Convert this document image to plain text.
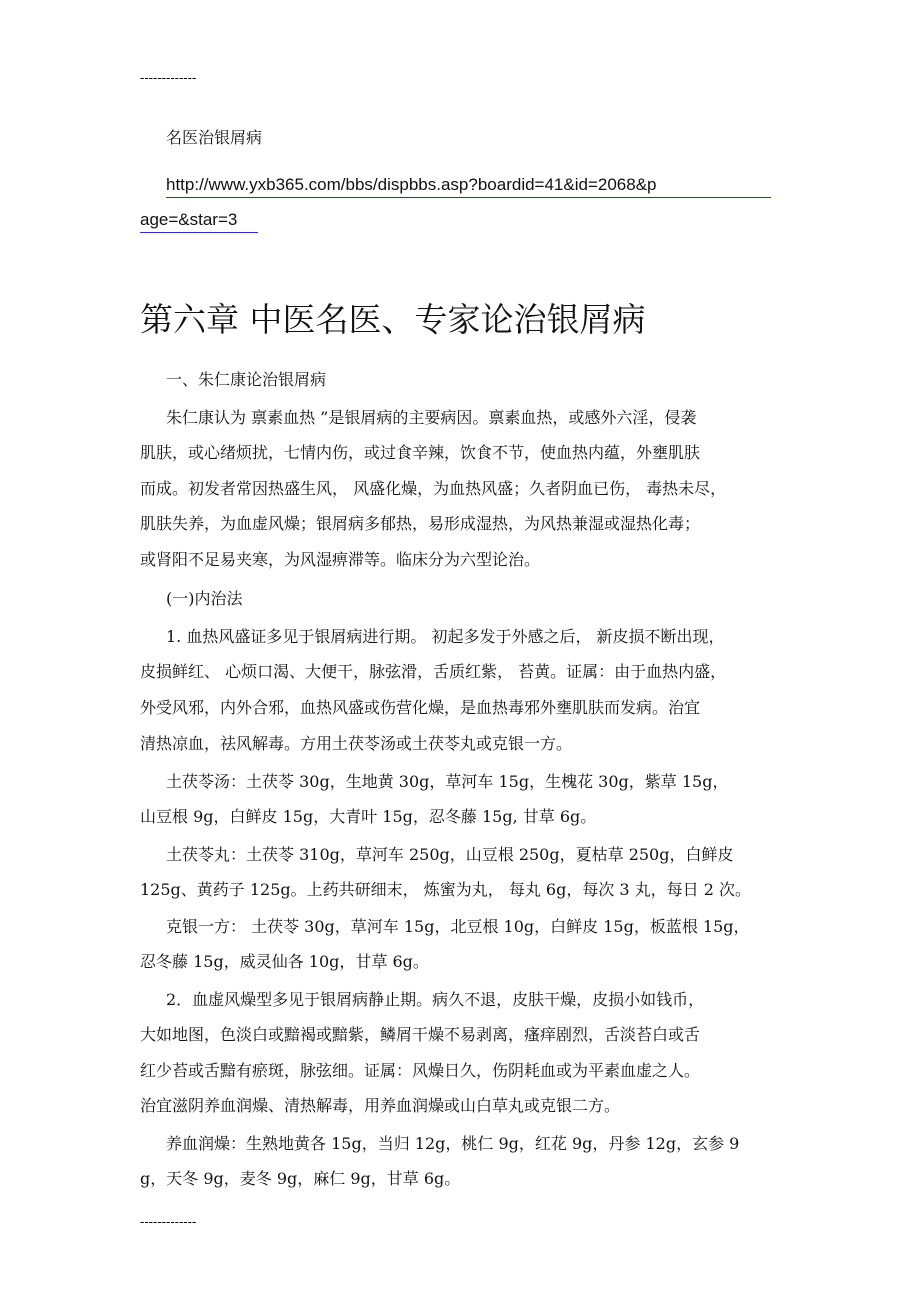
-------------
名医治银屑病
http://www.yxb365.com/bbs/dispbbs.asp?boardid=41&id=2068&p
age=&star=3
第六章 中医名医、专家论治银屑病
一、朱仁康论治银屑病
朱仁康认为 禀素血热 ”是银屑病的主要病因。禀素血热，或感外六淫，侵袭
肌肤，或心绪烦扰，七情内伤，或过食辛辣，饮食不节，使血热内蕴，外壅肌肤
而成。初发者常因热盛生风， 风盛化燥，为血热风盛；久者阴血已伤， 毒热未尽，
肌肤失养，为血虚风燥；银屑病多郁热，易形成湿热，为风热兼湿或湿热化毒；
或肾阳不足易夹寒，为风湿痹滞等。临床分为六型论治。
(一)内治法
1. 血热风盛证多见于银屑病进行期。 初起多发于外感之后， 新皮损不断出现，
皮损鲜红、 心烦口渴、大便干，脉弦滑，舌质红紫， 苔黄。证属：由于血热内盛，
外受风邪，内外合邪，血热风盛或伤营化燥，是血热毒邪外壅肌肤而发病。治宜
清热凉血，祛风解毒。方用土茯苓汤或土茯苓丸或克银一方。
土茯苓汤：土茯苓 30g，生地黄 30g，草河车 15g，生槐花 30g，紫草 15g，
山豆根 9g，白鲜皮 15g，大青叶 15g，忍冬藤 15g, 甘草 6g。
土茯苓丸：土茯苓 310g，草河车 250g，山豆根 250g，夏枯草 250g，白鲜皮
125g、黄药子 125g。上药共研细末， 炼蜜为丸， 每丸 6g，每次 3 丸，每日 2 次。
克银一方： 土茯苓 30g，草河车 15g，北豆根 10g，白鲜皮 15g，板蓝根 15g，
忍冬藤 15g，威灵仙各 10g，甘草 6g。
2．血虚风燥型多见于银屑病静止期。病久不退，皮肤干燥，皮损小如钱币，
大如地图，色淡白或黯褐或黯紫，鳞屑干燥不易剥离，瘙痒剧烈，舌淡苔白或舌
红少苔或舌黯有瘀斑，脉弦细。证属：风燥日久，伤阴耗血或为平素血虚之人。
治宜滋阴养血润燥、清热解毒，用养血润燥或山白草丸或克银二方。
养血润燥：生熟地黄各 15g，当归 12g，桃仁 9g，红花 9g，丹参 12g，玄参 9
g，天冬 9g，麦冬 9g，麻仁 9g，甘草 6g。
-------------
